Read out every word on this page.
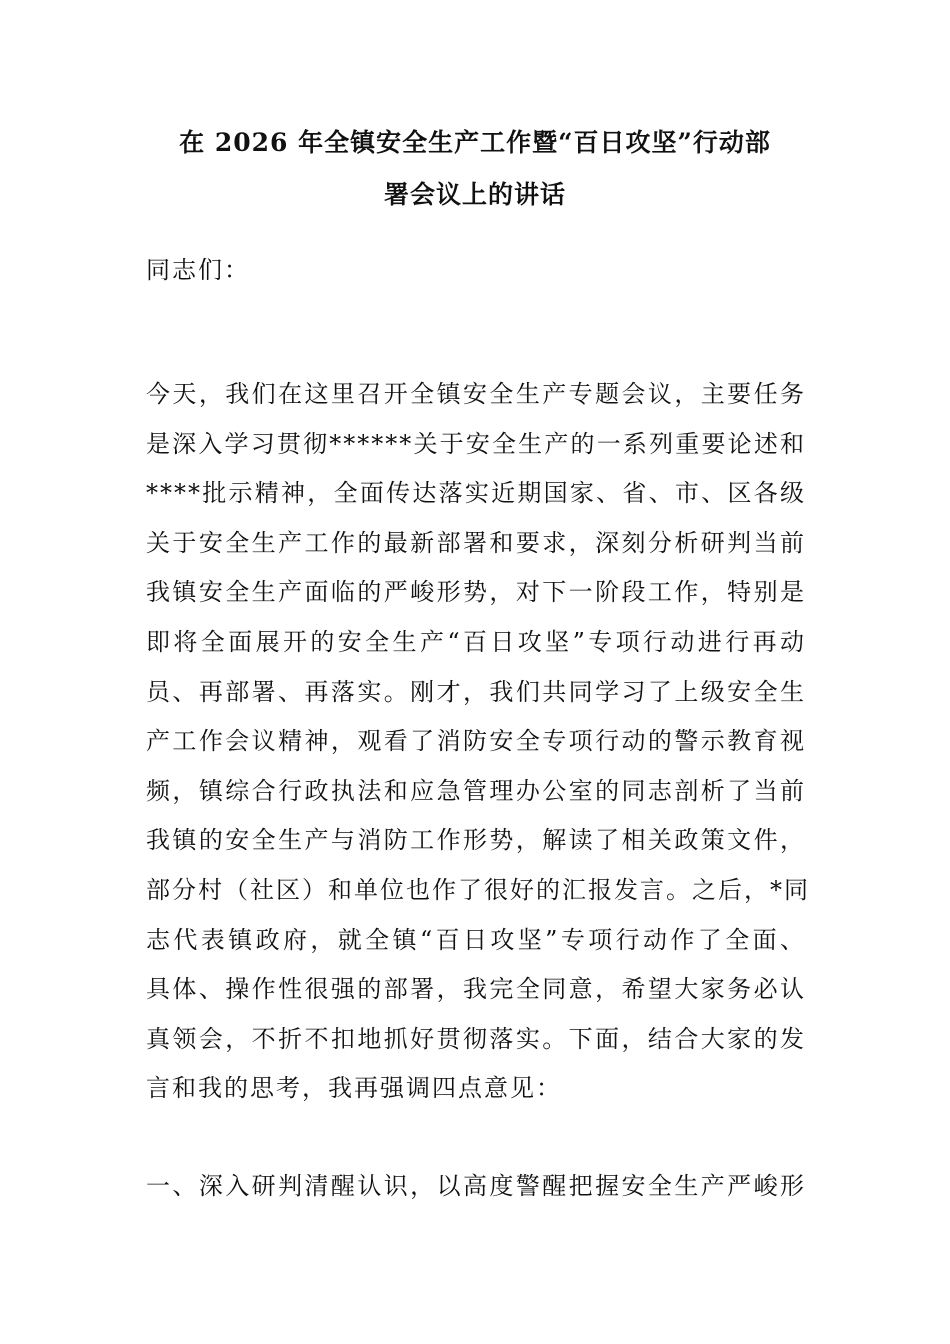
在 2026 年全镇安全生产工作暨“百日攻坚”行动部
署会议上的讲话
同志们：
今天，我们在这里召开全镇安全生产专题会议，主要任务
是深入学习贯彻******关于安全生产的一系列重要论述和
****批示精神，全面传达落实近期国家、省、市、区各级
关于安全生产工作的最新部署和要求，深刻分析研判当前
我镇安全生产面临的严峻形势，对下一阶段工作，特别是
即将全面展开的安全生产“百日攻坚”专项行动进行再动
员、再部署、再落实。刚才，我们共同学习了上级安全生
产工作会议精神，观看了消防安全专项行动的警示教育视
频，镇综合行政执法和应急管理办公室的同志剖析了当前
我镇的安全生产与消防工作形势，解读了相关政策文件，
部分村（社区）和单位也作了很好的汇报发言。之后，*同
志代表镇政府，就全镇“百日攻坚”专项行动作了全面、
具体、操作性很强的部署，我完全同意，希望大家务必认
真领会，不折不扣地抓好贯彻落实。下面，结合大家的发
言和我的思考，我再强调四点意见：
一、深入研判清醒认识，以高度警醒把握安全生产严峻形
